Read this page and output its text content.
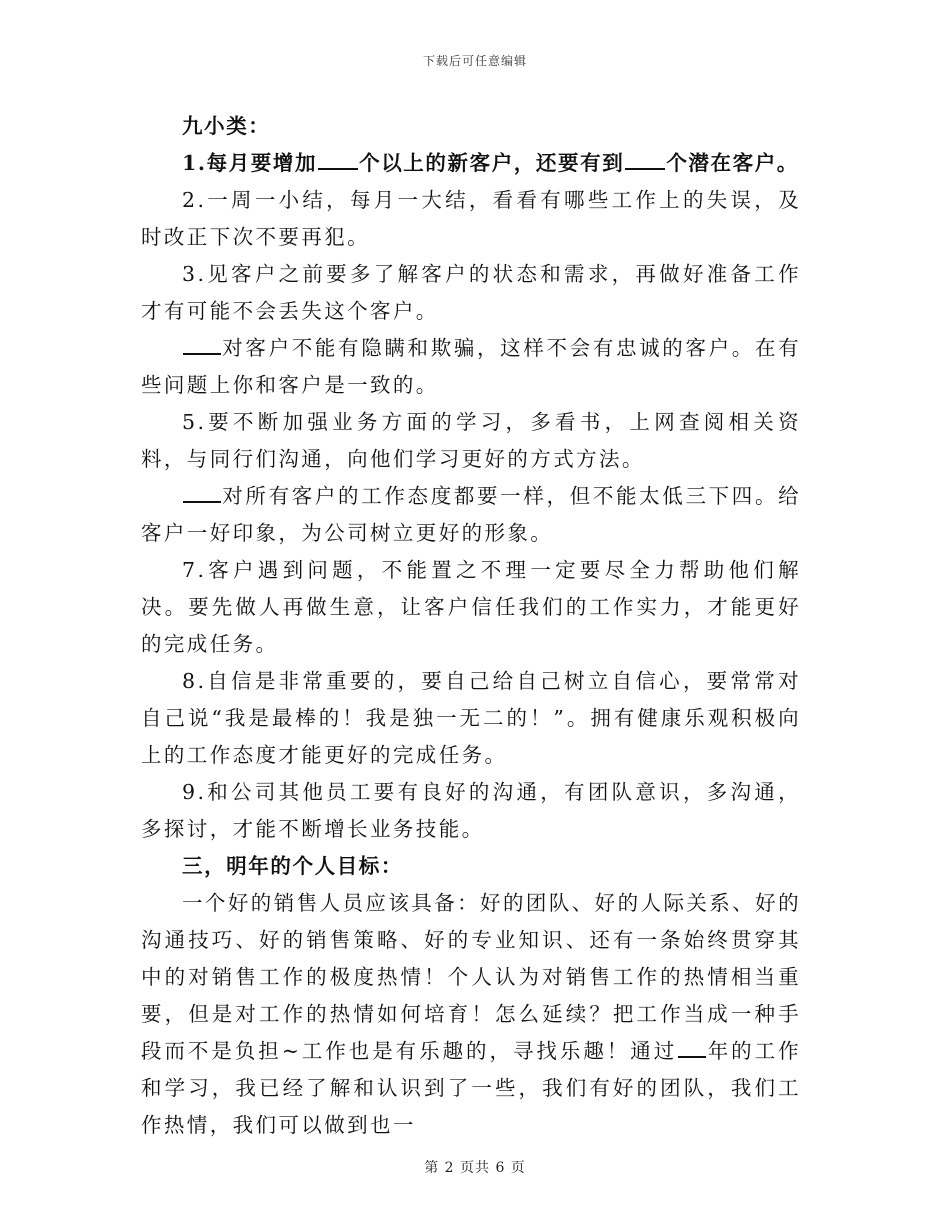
下载后可任意编辑

九小类：

1.每月要增加 个以上的新客户，还要有到 个潜在客户。

2.一周一小结，每月一大结，看看有哪些工作上的失误，及时改正下次不要再犯。

3.见客户之前要多了解客户的状态和需求，再做好准备工作才有可能不会丢失这个客户。

对客户不能有隐瞒和欺骗，这样不会有忠诚的客户。在有些问题上你和客户是一致的。

5.要不断加强业务方面的学习，多看书，上网查阅相关资料，与同行们沟通，向他们学习更好的方式方法。

对所有客户的工作态度都要一样，但不能太低三下四。给客户一好印象，为公司树立更好的形象。

7.客户遇到问题，不能置之不理一定要尽全力帮助他们解决。要先做人再做生意，让客户信任我们的工作实力，才能更好的完成任务。

8.自信是非常重要的，要自己给自己树立自信心，要常常对自己说“我是最棒的！我是独一无二的！”。拥有健康乐观积极向上的工作态度才能更好的完成任务。

9.和公司其他员工要有良好的沟通，有团队意识，多沟通，多探讨，才能不断增长业务技能。

三，明年的个人目标：

一个好的销售人员应该具备：好的团队、好的人际关系、好的沟通技巧、好的销售策略、好的专业知识、还有一条始终贯穿其中的对销售工作的极度热情！个人认为对销售工作的热情相当重要，但是对工作的热情如何培育！怎么延续？把工作当成一种手段而不是负担~工作也是有乐趣的，寻找乐趣！通过 年的工作和学习，我已经了解和认识到了一些，我们有好的团队，我们工作热情，我们可以做到也一

第 2 页共 6 页
